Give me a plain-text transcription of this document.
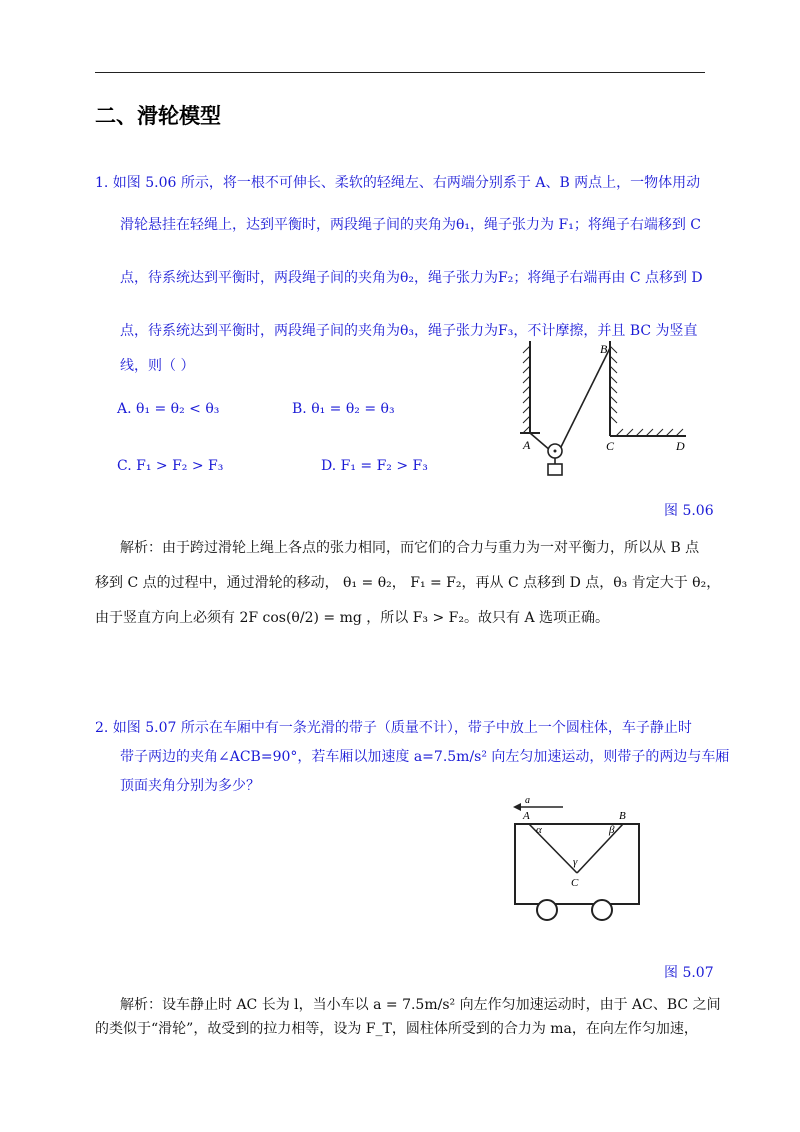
二、滑轮模型
1. 如图 5.06 所示，将一根不可伸长、柔软的轻绳左、右两端分别系于 A、B 两点上，一物体用动
滑轮悬挂在轻绳上，达到平衡时，两段绳子间的夹角为θ₁，绳子张力为 F₁；将绳子右端移到 C
点，待系统达到平衡时，两段绳子间的夹角为θ₂，绳子张力为F₂；将绳子右端再由 C 点移到 D
点，待系统达到平衡时，两段绳子间的夹角为θ₃，绳子张力为F₃，不计摩擦，并且 BC 为竖直
线，则（ ）
A. θ₁ = θ₂ < θ₃	B. θ₁ = θ₂ = θ₃
C. F₁ > F₂ > F₃	D. F₁ = F₂ > F₃
A
B
C	D
图 5.06
解析：由于跨过滑轮上绳上各点的张力相同，而它们的合力与重力为一对平衡力，所以从 B 点
移到 C 点的过程中，通过滑轮的移动， θ₁ = θ₂， F₁ = F₂，再从 C 点移到 D 点，θ₃ 肯定大于 θ₂，
由于竖直方向上必须有 2F cos(θ/2) = mg ，所以 F₃ > F₂。故只有 A 选项正确。
2. 如图 5.07 所示在车厢中有一条光滑的带子（质量不计），带子中放上一个圆柱体，车子静止时
带子两边的夹角∠ACB=90°，若车厢以加速度 a=7.5m/s² 向左匀加速运动，则带子的两边与车厢
顶面夹角分别为多少？
a
A	B
α	β
γ
C
图 5.07
解析：设车静止时 AC 长为 l，当小车以 a = 7.5m/s² 向左作匀加速运动时，由于 AC、BC 之间
的类似于“滑轮”，故受到的拉力相等，设为 F_T，圆柱体所受到的合力为 ma，在向左作匀加速，
